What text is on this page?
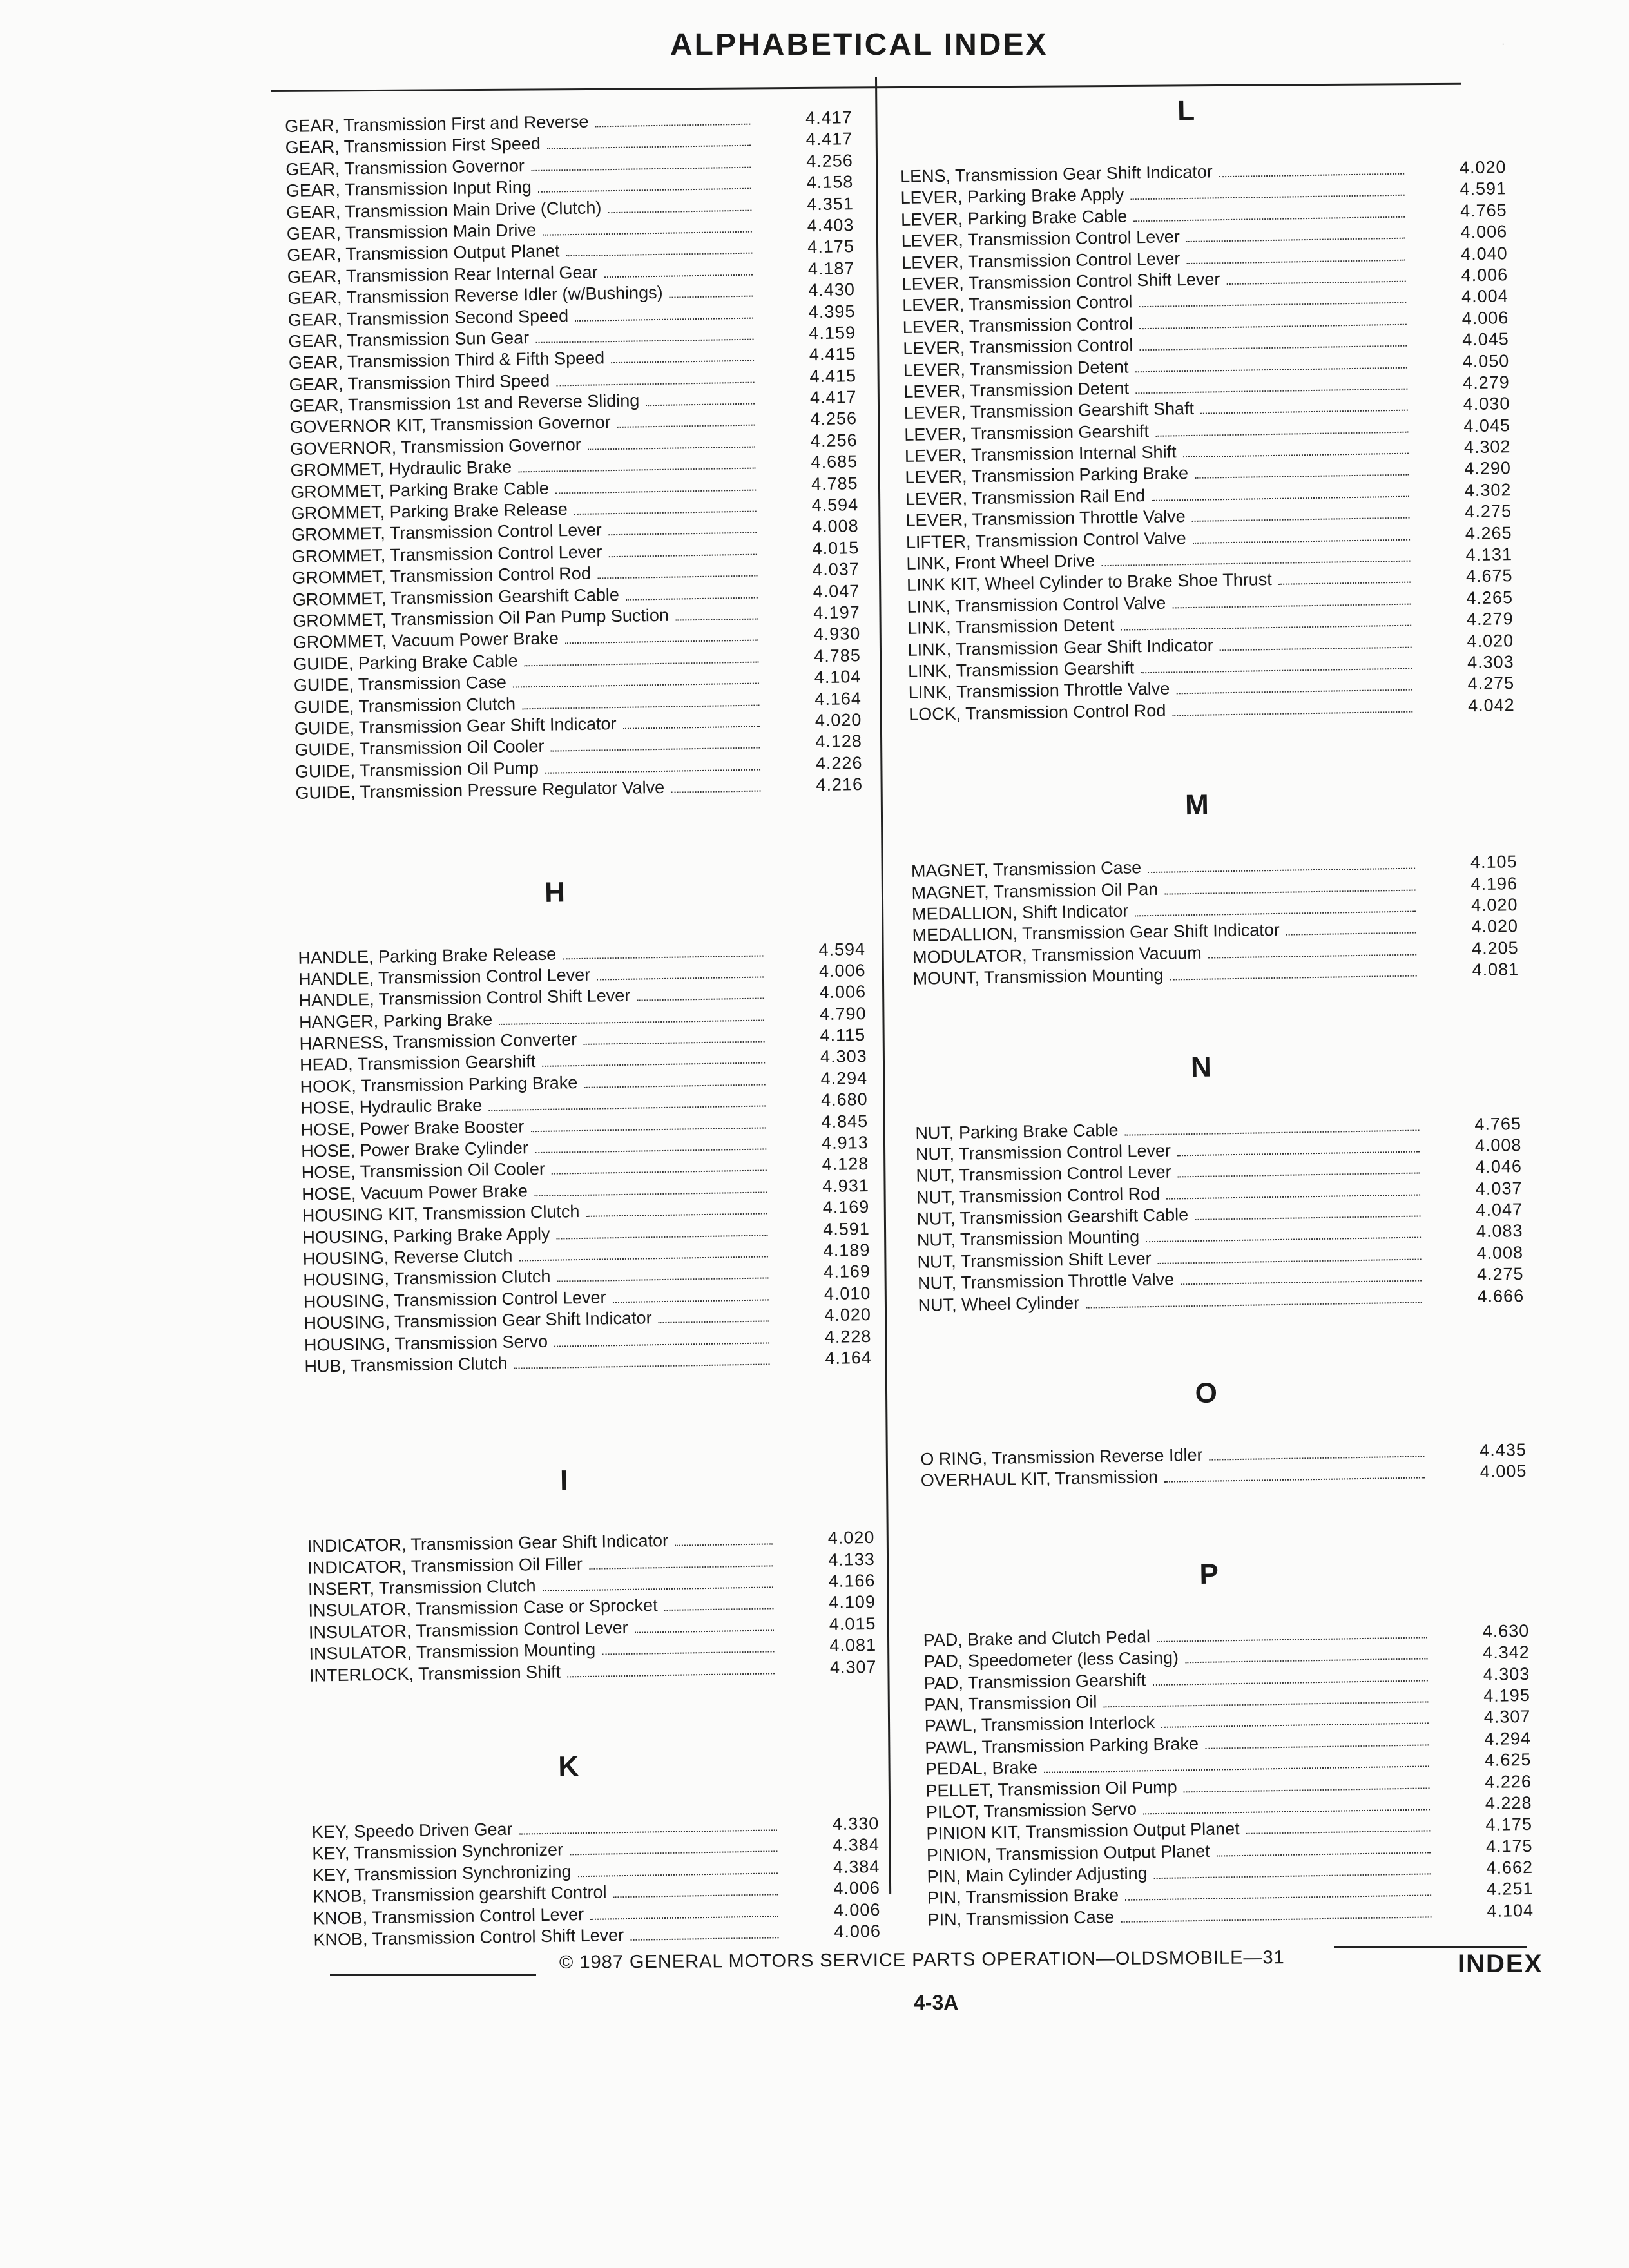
ALPHABETICAL INDEX	·
GEAR, Transmission First and Reverse	4.417
GEAR, Transmission First Speed	4.417
GEAR, Transmission Governor	4.256
GEAR, Transmission Input Ring	4.158
GEAR, Transmission Main Drive (Clutch)	4.351
GEAR, Transmission Main Drive	4.403
GEAR, Transmission Output Planet	4.175
GEAR, Transmission Rear Internal Gear	4.187
GEAR, Transmission Reverse Idler (w/Bushings)	4.430
GEAR, Transmission Second Speed	4.395
GEAR, Transmission Sun Gear	4.159
GEAR, Transmission Third & Fifth Speed	4.415
GEAR, Transmission Third Speed	4.415
GEAR, Transmission 1st and Reverse Sliding	4.417
GOVERNOR KIT, Transmission Governor	4.256
GOVERNOR, Transmission Governor	4.256
GROMMET, Hydraulic Brake	4.685
GROMMET, Parking Brake Cable	4.785
GROMMET, Parking Brake Release	4.594
GROMMET, Transmission Control Lever	4.008
GROMMET, Transmission Control Lever	4.015
GROMMET, Transmission Control Rod	4.037
GROMMET, Transmission Gearshift Cable	4.047
GROMMET, Transmission Oil Pan Pump Suction	4.197
GROMMET, Vacuum Power Brake	4.930
GUIDE, Parking Brake Cable	4.785
GUIDE, Transmission Case	4.104
GUIDE, Transmission Clutch	4.164
GUIDE, Transmission Gear Shift Indicator	4.020
GUIDE, Transmission Oil Cooler	4.128
GUIDE, Transmission Oil Pump	4.226
GUIDE, Transmission Pressure Regulator Valve	4.216
H
HANDLE, Parking Brake Release	4.594
HANDLE, Transmission Control Lever	4.006
HANDLE, Transmission Control Shift Lever	4.006
HANGER, Parking Brake	4.790
HARNESS, Transmission Converter	4.115
HEAD, Transmission Gearshift	4.303
HOOK, Transmission Parking Brake	4.294
HOSE, Hydraulic Brake	4.680
HOSE, Power Brake Booster	4.845
HOSE, Power Brake Cylinder	4.913
HOSE, Transmission Oil Cooler	4.128
HOSE, Vacuum Power Brake	4.931
HOUSING KIT, Transmission Clutch	4.169
HOUSING, Parking Brake Apply	4.591
HOUSING, Reverse Clutch	4.189
HOUSING, Transmission Clutch	4.169
HOUSING, Transmission Control Lever	4.010
HOUSING, Transmission Gear Shift Indicator	4.020
HOUSING, Transmission Servo	4.228
HUB, Transmission Clutch	4.164
I
INDICATOR, Transmission Gear Shift Indicator	4.020
INDICATOR, Transmission Oil Filler	4.133
INSERT, Transmission Clutch	4.166
INSULATOR, Transmission Case or Sprocket	4.109
INSULATOR, Transmission Control Lever	4.015
INSULATOR, Transmission Mounting	4.081
INTERLOCK, Transmission Shift	4.307
K
KEY, Speedo Driven Gear	4.330
KEY, Transmission Synchronizer	4.384
KEY, Transmission Synchronizing	4.384
KNOB, Transmission gearshift Control	4.006
KNOB, Transmission Control Lever	4.006
KNOB, Transmission Control Shift Lever	4.006
L
LENS, Transmission Gear Shift Indicator	4.020
LEVER, Parking Brake Apply	4.591
LEVER, Parking Brake Cable	4.765
LEVER, Transmission Control Lever	4.006
LEVER, Transmission Control Lever	4.040
LEVER, Transmission Control Shift Lever	4.006
LEVER, Transmission Control	4.004
LEVER, Transmission Control	4.006
LEVER, Transmission Control	4.045
LEVER, Transmission Detent	4.050
LEVER, Transmission Detent	4.279
LEVER, Transmission Gearshift Shaft	4.030
LEVER, Transmission Gearshift	4.045
LEVER, Transmission Internal Shift	4.302
LEVER, Transmission Parking Brake	4.290
LEVER, Transmission Rail End	4.302
LEVER, Transmission Throttle Valve	4.275
LIFTER, Transmission Control Valve	4.265
LINK, Front Wheel Drive	4.131
LINK KIT, Wheel Cylinder to Brake Shoe Thrust	4.675
LINK, Transmission Control Valve	4.265
LINK, Transmission Detent	4.279
LINK, Transmission Gear Shift Indicator	4.020
LINK, Transmission Gearshift	4.303
LINK, Transmission Throttle Valve	4.275
LOCK, Transmission Control Rod	4.042
M
MAGNET, Transmission Case	4.105
MAGNET, Transmission Oil Pan	4.196
MEDALLION, Shift Indicator	4.020
MEDALLION, Transmission Gear Shift Indicator	4.020
MODULATOR, Transmission Vacuum	4.205
MOUNT, Transmission Mounting	4.081
N
NUT, Parking Brake Cable	4.765
NUT, Transmission Control Lever	4.008
NUT, Transmission Control Lever	4.046
NUT, Transmission Control Rod	4.037
NUT, Transmission Gearshift Cable	4.047
NUT, Transmission Mounting	4.083
NUT, Transmission Shift Lever	4.008
NUT, Transmission Throttle Valve	4.275
NUT, Wheel Cylinder	4.666
O
O RING, Transmission Reverse Idler	4.435
OVERHAUL KIT, Transmission	4.005
P
PAD, Brake and Clutch Pedal	4.630
PAD, Speedometer (less Casing)	4.342
PAD, Transmission Gearshift	4.303
PAN, Transmission Oil	4.195
PAWL, Transmission Interlock	4.307
PAWL, Transmission Parking Brake	4.294
PEDAL, Brake	4.625
PELLET, Transmission Oil Pump	4.226
PILOT, Transmission Servo	4.228
PINION KIT, Transmission Output Planet	4.175
PINION, Transmission Output Planet	4.175
PIN, Main Cylinder Adjusting	4.662
PIN, Transmission Brake	4.251
PIN, Transmission Case	4.104
© 1987 GENERAL MOTORS SERVICE PARTS OPERATION—OLDSMOBILE—31	INDEX
4-3A
